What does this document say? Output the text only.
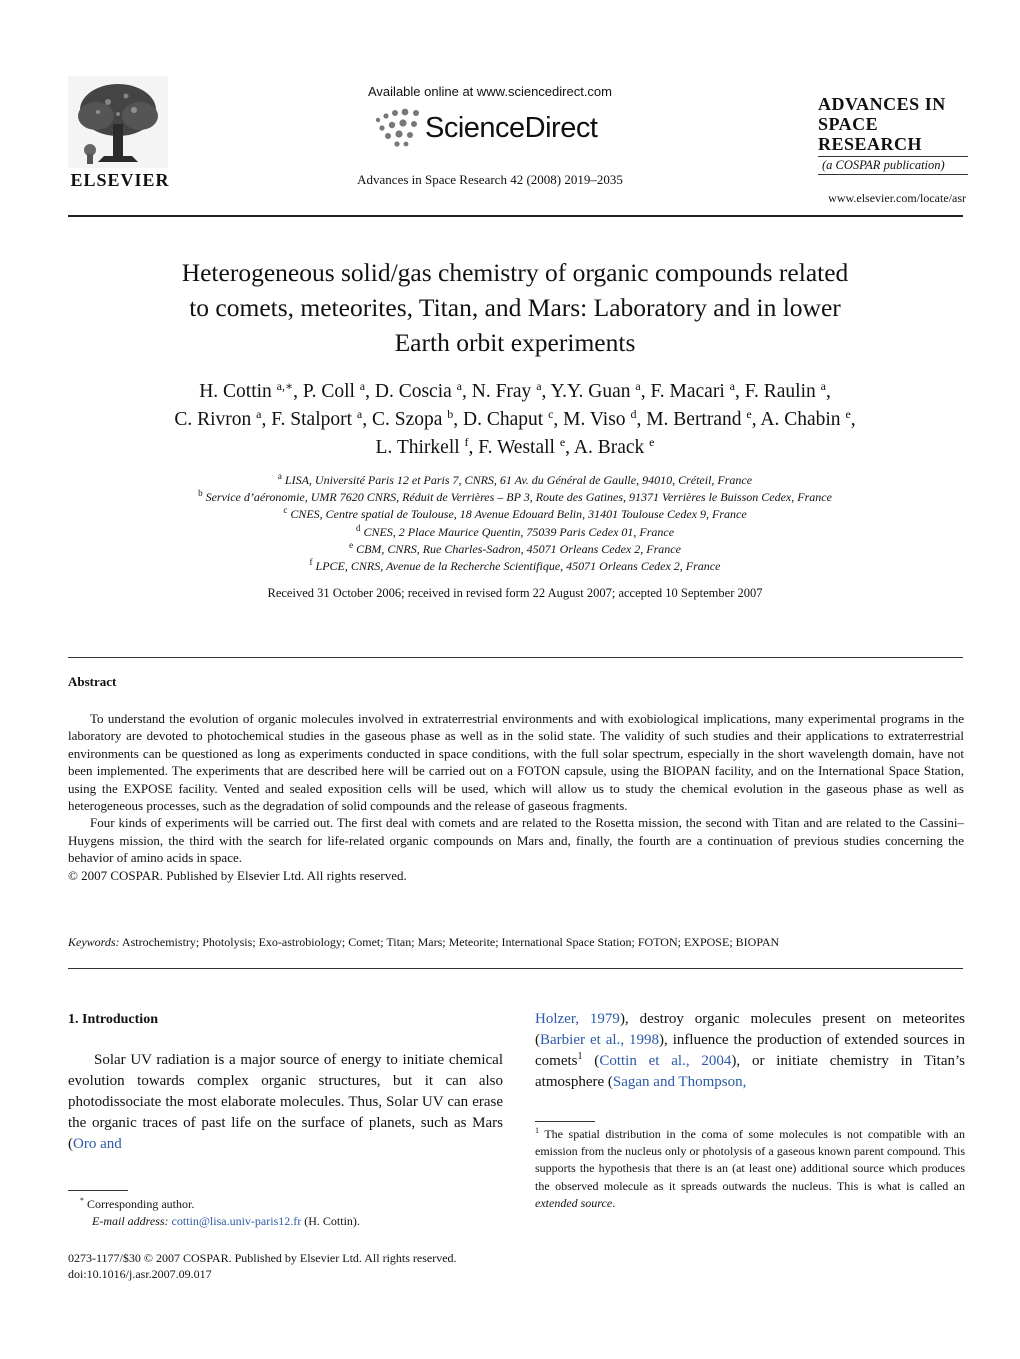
ELSEVIER
Available online at www.sciencedirect.com
ScienceDirect
Advances in Space Research 42 (2008) 2019–2035
ADVANCES IN
SPACE
RESEARCH
(a COSPAR publication)
www.elsevier.com/locate/asr
Heterogeneous solid/gas chemistry of organic compounds related
to comets, meteorites, Titan, and Mars: Laboratory and in lower
Earth orbit experiments
H. Cottin $^{a,∗}$, P. Coll $^a$, D. Coscia $^a$, N. Fray $^a$, Y.Y. Guan $^a$, F. Macari $^a$, F. Raulin $^a$,
C. Rivron $^a$, F. Stalport $^a$, C. Szopa $^b$, D. Chaput $^c$, M. Viso $^d$, M. Bertrand $^e$, A. Chabin $^e$,
L. Thirkell $^f$, F. Westall $^e$, A. Brack $^e$
$^a$ LISA, Université Paris 12 et Paris 7, CNRS, 61 Av. du Général de Gaulle, 94010, Créteil, France
$^b$ Service d’aéronomie, UMR 7620 CNRS, Réduit de Verrières – BP 3, Route des Gatines, 91371 Verrières le Buisson Cedex, France
$^c$ CNES, Centre spatial de Toulouse, 18 Avenue Edouard Belin, 31401 Toulouse Cedex 9, France
$^d$ CNES, 2 Place Maurice Quentin, 75039 Paris Cedex 01, France
$^e$ CBM, CNRS, Rue Charles-Sadron, 45071 Orleans Cedex 2, France
$^f$ LPCE, CNRS, Avenue de la Recherche Scientifique, 45071 Orleans Cedex 2, France
Received 31 October 2006; received in revised form 22 August 2007; accepted 10 September 2007
Abstract

To understand the evolution of organic molecules involved in extraterrestrial environments and with exobiological implications, many experimental programs in the laboratory are devoted to photochemical studies in the gaseous phase as well as in the solid state. The validity of such studies and their applications to extraterrestrial environments can be questioned as long as experiments conducted in space conditions, with the full solar spectrum, especially in the short wavelength domain, have not been implemented. The experiments that are described here will be carried out on a FOTON capsule, using the BIOPAN facility, and on the International Space Station, using the EXPOSE facility. Vented and sealed exposition cells will be used, which will allow us to study the chemical evolution in the gaseous phase as well as heterogeneous processes, such as the degradation of solid compounds and the release of gaseous fragments.

Four kinds of experiments will be carried out. The first deal with comets and are related to the Rosetta mission, the second with Titan and are related to the Cassini–Huygens mission, the third with the search for life-related organic compounds on Mars and, finally, the fourth are a continuation of previous studies concerning the behavior of amino acids in space.

© 2007 COSPAR. Published by Elsevier Ltd. All rights reserved.

Keywords: Astrochemistry; Photolysis; Exo-astrobiology; Comet; Titan; Mars; Meteorite; International Space Station; FOTON; EXPOSE; BIOPAN
1. Introduction

Solar UV radiation is a major source of energy to initiate chemical evolution towards complex organic structures, but it can also photodissociate the most elaborate molecules. Thus, Solar UV can erase the organic traces of past life on the surface of planets, such as Mars (Oro and

Holzer, 1979), destroy organic molecules present on meteorites (Barbier et al., 1998), influence the production of extended sources in comets$^1$ (Cottin et al., 2004), or initiate chemistry in Titan’s atmosphere (Sagan and Thompson,
$^1$ The spatial distribution in the coma of some molecules is not compatible with an emission from the nucleus only or photolysis of a gaseous known parent compound. This supports the hypothesis that there is an (at least one) additional source which produces the observed molecule as it spreads outwards the nucleus. This is what is called an extended source.
* Corresponding author.
E-mail address: cottin@lisa.univ-paris12.fr (H. Cottin).
0273-1177/$30 © 2007 COSPAR. Published by Elsevier Ltd. All rights reserved.
doi:10.1016/j.asr.2007.09.017
